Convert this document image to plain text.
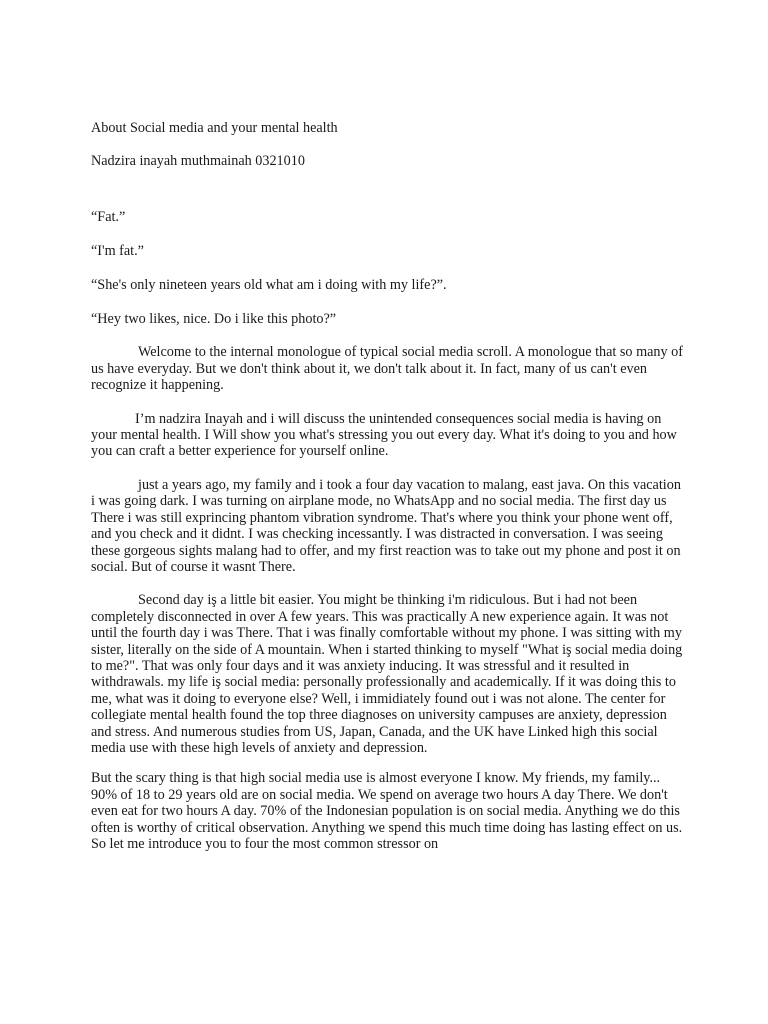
About Social media and your mental health

Nadzira inayah muthmainah 0321010

“Fat.”

“I'm fat.”

“She's only nineteen years old what am i doing with my life?”.

“Hey two likes, nice. Do i like this photo?”

Welcome to the internal monologue of typical social media scroll. A monologue that so many of us have everyday. But we don't think about it, we don't talk about it. In fact, many of us can't even recognize it happening.

I’m nadzira Inayah and i will discuss the unintended consequences social media is having on your mental health. I Will show you what's stressing you out every day. What it's doing to you and how you can craft a better experience for yourself online.

just a years ago, my family and i took a four day vacation to malang, east java. On this vacation i was going dark. I was turning on airplane mode, no WhatsApp and no social media. The first day us There i was still exprincing phantom vibration syndrome. That's where you think your phone went off, and you check and it didnt. I was checking incessantly. I was distracted in conversation. I was seeing these gorgeous sights malang had to offer, and my first reaction was to take out my phone and post it on social. But of course it wasnt There.

Second day iş a little bit easier. You might be thinking i'm ridiculous. But i had not been completely disconnected in over A few years. This was practically A new experience again. It was not until the fourth day i was There. That i was finally comfortable without my phone. I was sitting with my sister, literally on the side of A mountain. When i started thinking to myself "What iş social media doing to me?". That was only four days and it was anxiety inducing. It was stressful and it resulted in withdrawals. my life iş social media: personally professionally and academically. If it was doing this to me, what was it doing to everyone else? Well, i immidiately found out i was not alone. The center for collegiate mental health found the top three diagnoses on university campuses are anxiety, depression and stress. And numerous studies from US, Japan, Canada, and the UK have Linked high this social media use with these high levels of anxiety and depression.

But the scary thing is that high social media use is almost everyone I know. My friends, my family... 90% of 18 to 29 years old are on social media. We spend on average two hours A day There. We don't even eat for two hours A day. 70% of the Indonesian population is on social media. Anything we do this often is worthy of critical observation. Anything we spend this much time doing has lasting effect on us. So let me introduce you to four the most common stressor on
